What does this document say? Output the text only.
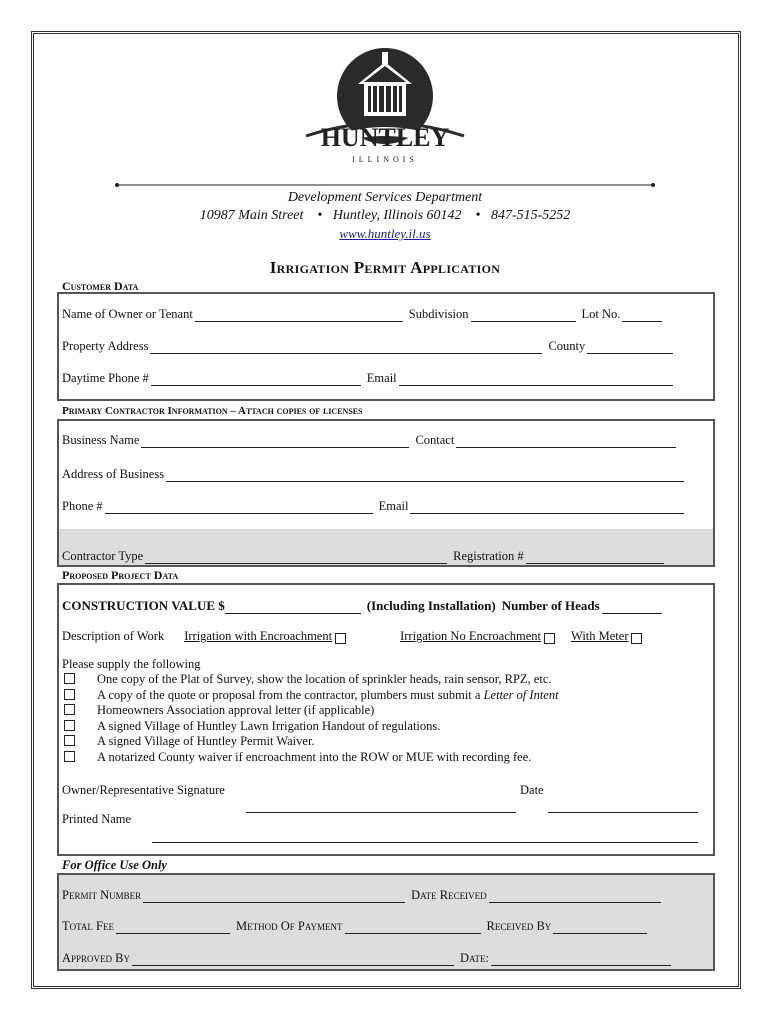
HUNTLEY
ILLINOIS
Development Services Department
10987 Main Street    •   Huntley, Illinois 60142    •   847-515-5252
www.huntley.il.us
Irrigation Permit Application
Customer Data
Name of Owner or Tenant	Subdivision	Lot No.
Property Address	County
Daytime Phone #	Email
Primary Contractor Information – Attach copies of licenses
Business Name	Contact
Address of Business
Phone #	Email
Contractor Type	Registration #
Proposed Project Data
CONSTRUCTION VALUE $	(Including Installation) Number of Heads
Description of Work Irrigation with Encroachment	Irrigation No Encroachment With Meter
Please supply the following
One copy of the Plat of Survey, show the location of sprinkler heads, rain sensor, RPZ, etc.
A copy of the quote or proposal from the contractor, plumbers must submit a Letter of Intent
Homeowners Association approval letter (if applicable)
A signed Village of Huntley Lawn Irrigation Handout of regulations.
A signed Village of Huntley Permit Waiver.
A notarized County waiver if encroachment into the ROW or MUE with recording fee.
Owner/Representative Signature	Date
Printed Name
For Office Use Only
Permit Number	Date Received
Total Fee	Method Of Payment	Received By
Approved By	Date:
